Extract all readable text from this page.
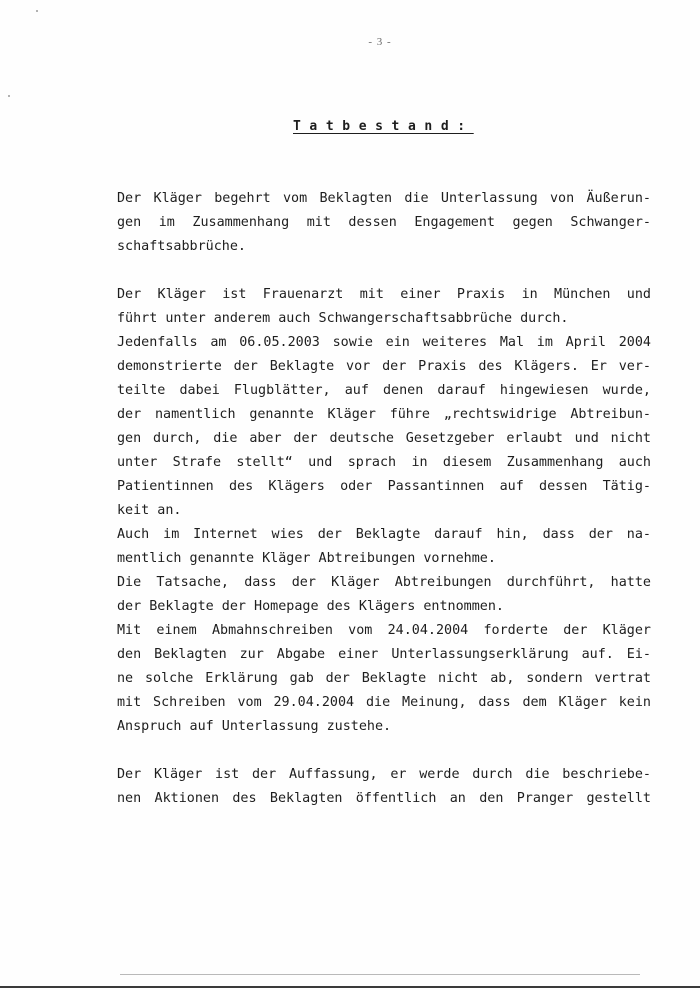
- 3 -
Tatbestand:
Der Kläger begehrt vom Beklagten die Unterlassung von Äußerun-
gen im Zusammenhang mit dessen Engagement gegen Schwanger-
schaftsabbrüche.
Der Kläger ist Frauenarzt mit einer Praxis in München und
führt unter anderem auch Schwangerschaftsabbrüche durch.
Jedenfalls am 06.05.2003 sowie ein weiteres Mal im April 2004
demonstrierte der Beklagte vor der Praxis des Klägers. Er ver-
teilte dabei Flugblätter, auf denen darauf hingewiesen wurde,
der namentlich genannte Kläger führe „rechtswidrige Abtreibun-
gen durch, die aber der deutsche Gesetzgeber erlaubt und nicht
unter Strafe stellt“ und sprach in diesem Zusammenhang auch
Patientinnen des Klägers oder Passantinnen auf dessen Tätig-
keit an.
Auch im Internet wies der Beklagte darauf hin, dass der na-
mentlich genannte Kläger Abtreibungen vornehme.
Die Tatsache, dass der Kläger Abtreibungen durchführt, hatte
der Beklagte der Homepage des Klägers entnommen.
Mit einem Abmahnschreiben vom 24.04.2004 forderte der Kläger
den Beklagten zur Abgabe einer Unterlassungserklärung auf. Ei-
ne solche Erklärung gab der Beklagte nicht ab, sondern vertrat
mit Schreiben vom 29.04.2004 die Meinung, dass dem Kläger kein
Anspruch auf Unterlassung zustehe.
Der Kläger ist der Auffassung, er werde durch die beschriebe-
nen Aktionen des Beklagten öffentlich an den Pranger gestellt
